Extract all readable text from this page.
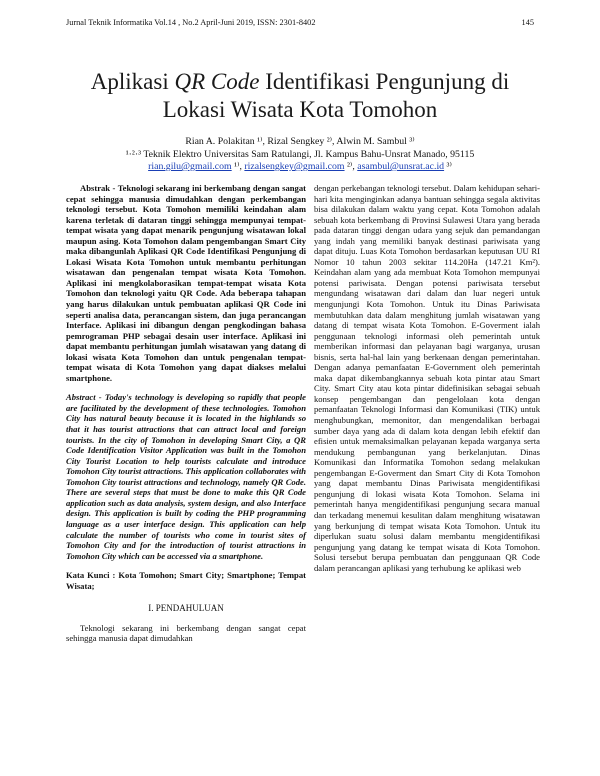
Jurnal Teknik Informatika Vol.14 , No.2 April-Juni 2019, ISSN: 2301-8402	145
Aplikasi QR Code Identifikasi Pengunjung di
Lokasi Wisata Kota Tomohon
Rian A. Polakitan ¹⁾, Rizal Sengkey ²⁾, Alwin M. Sambul ³⁾
¹·²·³ Teknik Elektro Universitas Sam Ratulangi, Jl. Kampus Bahu-Unsrat Manado, 95115
rian.gilu@gmail.com ¹⁾, rizalsengkey@gmail.com ²⁾, asambul@unsrat.ac.id ³⁾

Abstrak - Teknologi sekarang ini berkembang dengan sangat cepat sehingga manusia dimudahkan dengan perkembangan teknologi tersebut. Kota Tomohon memiliki keindahan alam karena terletak di dataran tinggi sehingga mempunyai tempat-tempat wisata yang dapat menarik pengunjung wisatawan lokal maupun asing. Kota Tomohon dalam pengembangan Smart City maka dibangunlah Aplikasi QR Code Identifikasi Pengunjung di Lokasi Wisata Kota Tomohon untuk membantu perhitungan wisatawan dan pengenalan tempat wisata Kota Tomohon. Aplikasi ini mengkolaborasikan tempat-tempat wisata Kota Tomohon dan teknologi yaitu QR Code. Ada beberapa tahapan yang harus dilakukan untuk pembuatan aplikasi QR Code ini seperti analisa data, perancangan sistem, dan juga perancangan Interface. Aplikasi ini dibangun dengan pengkodingan bahasa pemrograman PHP sebagai desain user interface. Aplikasi ini dapat membantu perhitungan jumlah wisatawan yang datang di lokasi wisata Kota Tomohon dan untuk pengenalan tempat-tempat wisata di Kota Tomohon yang dapat diakses melalui smartphone.

Abstract - Today's technology is developing so rapidly that people are facilitated by the development of these technologies. Tomohon City has natural beauty because it is located in the highlands so that it has tourist attractions that can attract local and foreign tourists. In the city of Tomohon in developing Smart City, a QR Code Identification Visitor Application was built in the Tomohon City Tourist Location to help tourists calculate and introduce Tomohon City tourist attractions. This application collaborates with Tomohon City tourist attractions and technology, namely QR Code. There are several steps that must be done to make this QR Code application such as data analysis, system design, and also Interface design. This application is built by coding the PHP programming language as a user interface design. This application can help calculate the number of tourists who come in tourist sites of Tomohon City and for the introduction of tourist attractions in Tomohon City which can be accessed via a smartphone.

Kata Kunci : Kota Tomohon; Smart City; Smartphone; Tempat Wisata;

I. PENDAHULUAN

Teknologi sekarang ini berkembang dengan sangat cepat sehingga manusia dapat dimudahkan

dengan perkebangan teknologi tersebut. Dalam kehidupan sehari-hari kita menginginkan adanya bantuan sehingga segala aktivitas bisa dilakukan dalam waktu yang cepat. Kota Tomohon adalah sebuah kota berkembang di Provinsi Sulawesi Utara yang berada pada dataran tinggi dengan udara yang sejuk dan pemandangan yang indah yang memiliki banyak destinasi pariwisata yang dapat dituju. Luas Kota Tomohon berdasarkan keputusan UU RI Nomor 10 tahun 2003 sekitar 114.20Ha (147.21 Km²). Keindahan alam yang ada membuat Kota Tomohon mempunyai potensi pariwisata. Dengan potensi pariwisata tersebut mengundang wisatawan dari dalam dan luar negeri untuk mengunjungi Kota Tomohon. Untuk itu Dinas Pariwisata membutuhkan data dalam menghitung jumlah wisatawan yang datang di tempat wisata Kota Tomohon. E-Goverment ialah penggunaan teknologi informasi oleh pemerintah untuk memberikan informasi dan pelayanan bagi warganya, urusan bisnis, serta hal-hal lain yang berkenaan dengan pemerintahan. Dengan adanya pemanfaatan E-Government oleh pemerintah maka dapat dikembangkannya sebuah kota pintar atau Smart City. Smart City atau kota pintar didefinisikan sebagai sebuah konsep pengembangan dan pengelolaan kota dengan pemanfaatan Teknologi Informasi dan Komunikasi (TIK) untuk menghubungkan, memonitor, dan mengendalikan berbagai sumber daya yang ada di dalam kota dengan lebih efektif dan efisien untuk memaksimalkan pelayanan kepada warganya serta mendukung pembangunan yang berkelanjutan. Dinas Komunikasi dan Informatika Tomohon sedang melakukan pengembangan E-Goverment dan Smart City di Kota Tomohon yang dapat membantu Dinas Pariwisata mengidentifikasi pengunjung di lokasi wisata Kota Tomohon. Selama ini pemerintah hanya mengidentifikasi pengunjung secara manual dan terkadang menemui kesulitan dalam menghitung wisatawan yang berkunjung di tempat wisata Kota Tomohon. Untuk itu diperlukan suatu solusi dalam membantu mengidentifikasi pengunjung yang datang ke tempat wisata di Kota Tomohon. Solusi tersebut berupa pembuatan dan penggunaan QR Code dalam perancangan aplikasi yang terhubung ke aplikasi web
